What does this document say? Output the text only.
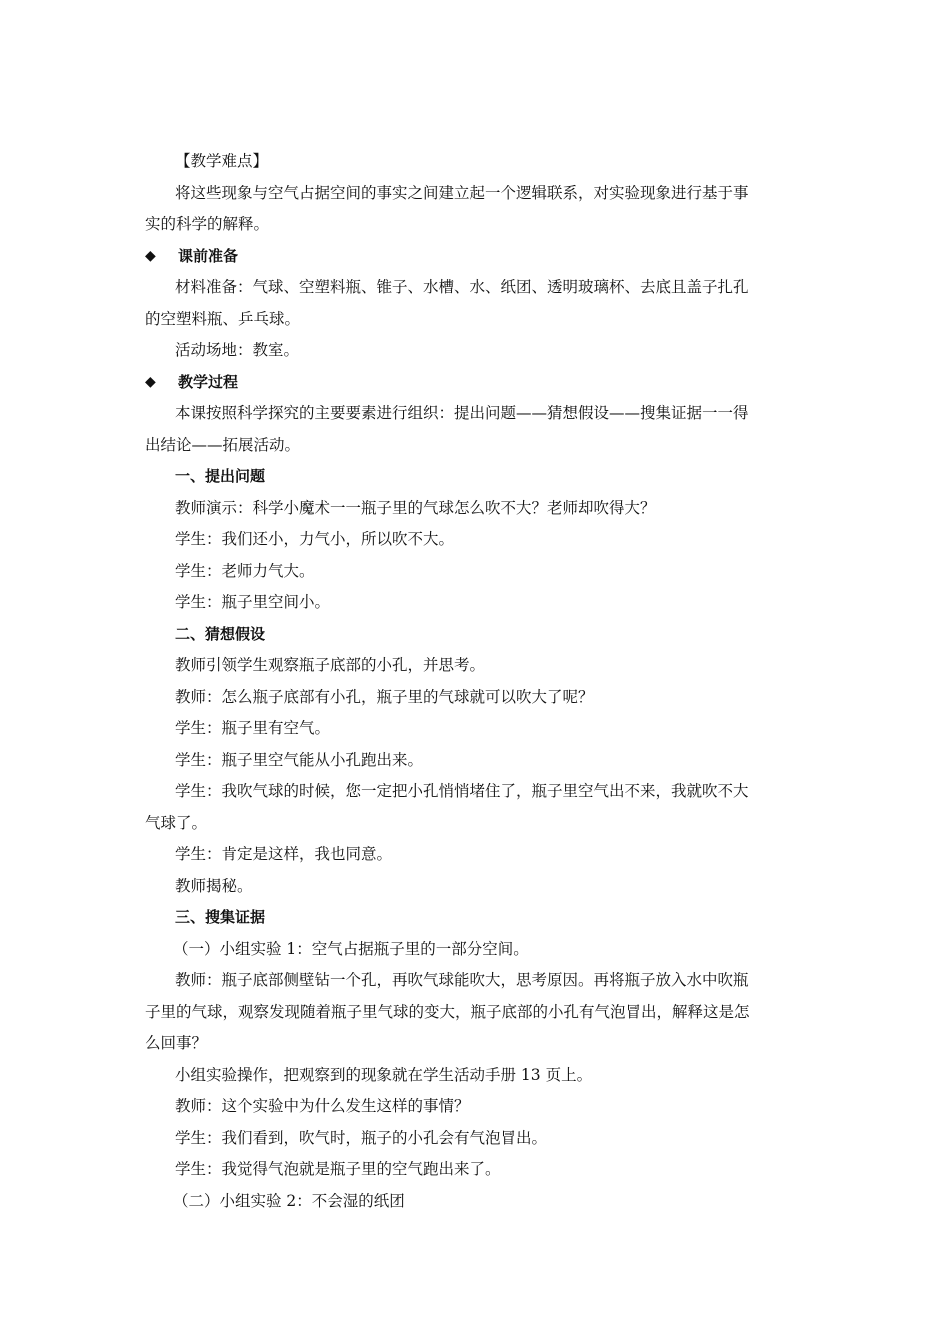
【教学难点】
将这些现象与空气占据空间的事实之间建立起一个逻辑联系，对实验现象进行基于事
实的科学的解释。
◆	课前准备
材料准备：气球、空塑料瓶、锥子、水槽、水、纸团、透明玻璃杯、去底且盖子扎孔
的空塑料瓶、乒乓球。
活动场地：教室。
◆	教学过程
本课按照科学探究的主要要素进行组织：提出问题——猜想假设——搜集证据一一得
出结论——拓展活动。
一、提出问题
教师演示：科学小魔术一一瓶子里的气球怎么吹不大？老师却吹得大？
学生：我们还小，力气小，所以吹不大。
学生：老师力气大。
学生：瓶子里空间小。
二、猜想假设
教师引领学生观察瓶子底部的小孔，并思考。
教师：怎么瓶子底部有小孔，瓶子里的气球就可以吹大了呢？
学生：瓶子里有空气。
学生：瓶子里空气能从小孔跑出来。
学生：我吹气球的时候，您一定把小孔悄悄堵住了，瓶子里空气出不来，我就吹不大
气球了。
学生：肯定是这样，我也同意。
教师揭秘。
三、搜集证据
（一）小组实验 1：空气占据瓶子里的一部分空间。
教师：瓶子底部侧壁钻一个孔，再吹气球能吹大，思考原因。再将瓶子放入水中吹瓶
子里的气球，观察发现随着瓶子里气球的变大，瓶子底部的小孔有气泡冒出，解释这是怎
么回事？
小组实验操作，把观察到的现象就在学生活动手册 13 页上。
教师：这个实验中为什么发生这样的事情？
学生：我们看到，吹气时，瓶子的小孔会有气泡冒出。
学生：我觉得气泡就是瓶子里的空气跑出来了。
（二）小组实验 2：不会湿的纸团
